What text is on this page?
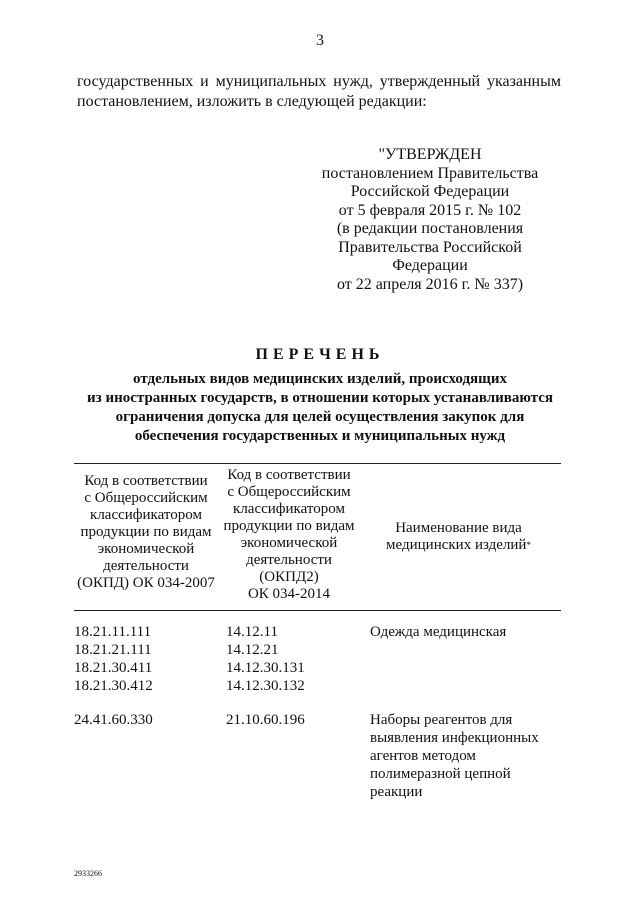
3
государственных и муниципальных нужд, утвержденный указанным
постановлением, изложить в следующей редакции:
"УТВЕРЖДЕН
постановлением Правительства
Российской Федерации
от 5 февраля 2015 г. № 102
(в редакции постановления
Правительства Российской Федерации
от 22 апреля 2016 г. № 337)
ПЕРЕЧЕНЬ
отдельных видов медицинских изделий, происходящих
из иностранных государств, в отношении которых устанавливаются
ограничения допуска для целей осуществления закупок для
обеспечения государственных и муниципальных нужд
Код в соответствии
с Общероссийским
классификатором
продукции по видам
экономической
деятельности
(ОКПД) ОК 034-2007
Код в соответствии
с Общероссийским
классификатором
продукции по видам
экономической
деятельности
(ОКПД2)
ОК 034-2014
Наименование вида
медицинских изделий*
18.21.11.111
18.21.21.111
18.21.30.411
18.21.30.412
14.12.11
14.12.21
14.12.30.131
14.12.30.132
Одежда медицинская
24.41.60.330	21.10.60.196	Наборы реагентов для
выявления инфекционных
агентов методом
полимеразной цепной
реакции
2933266
